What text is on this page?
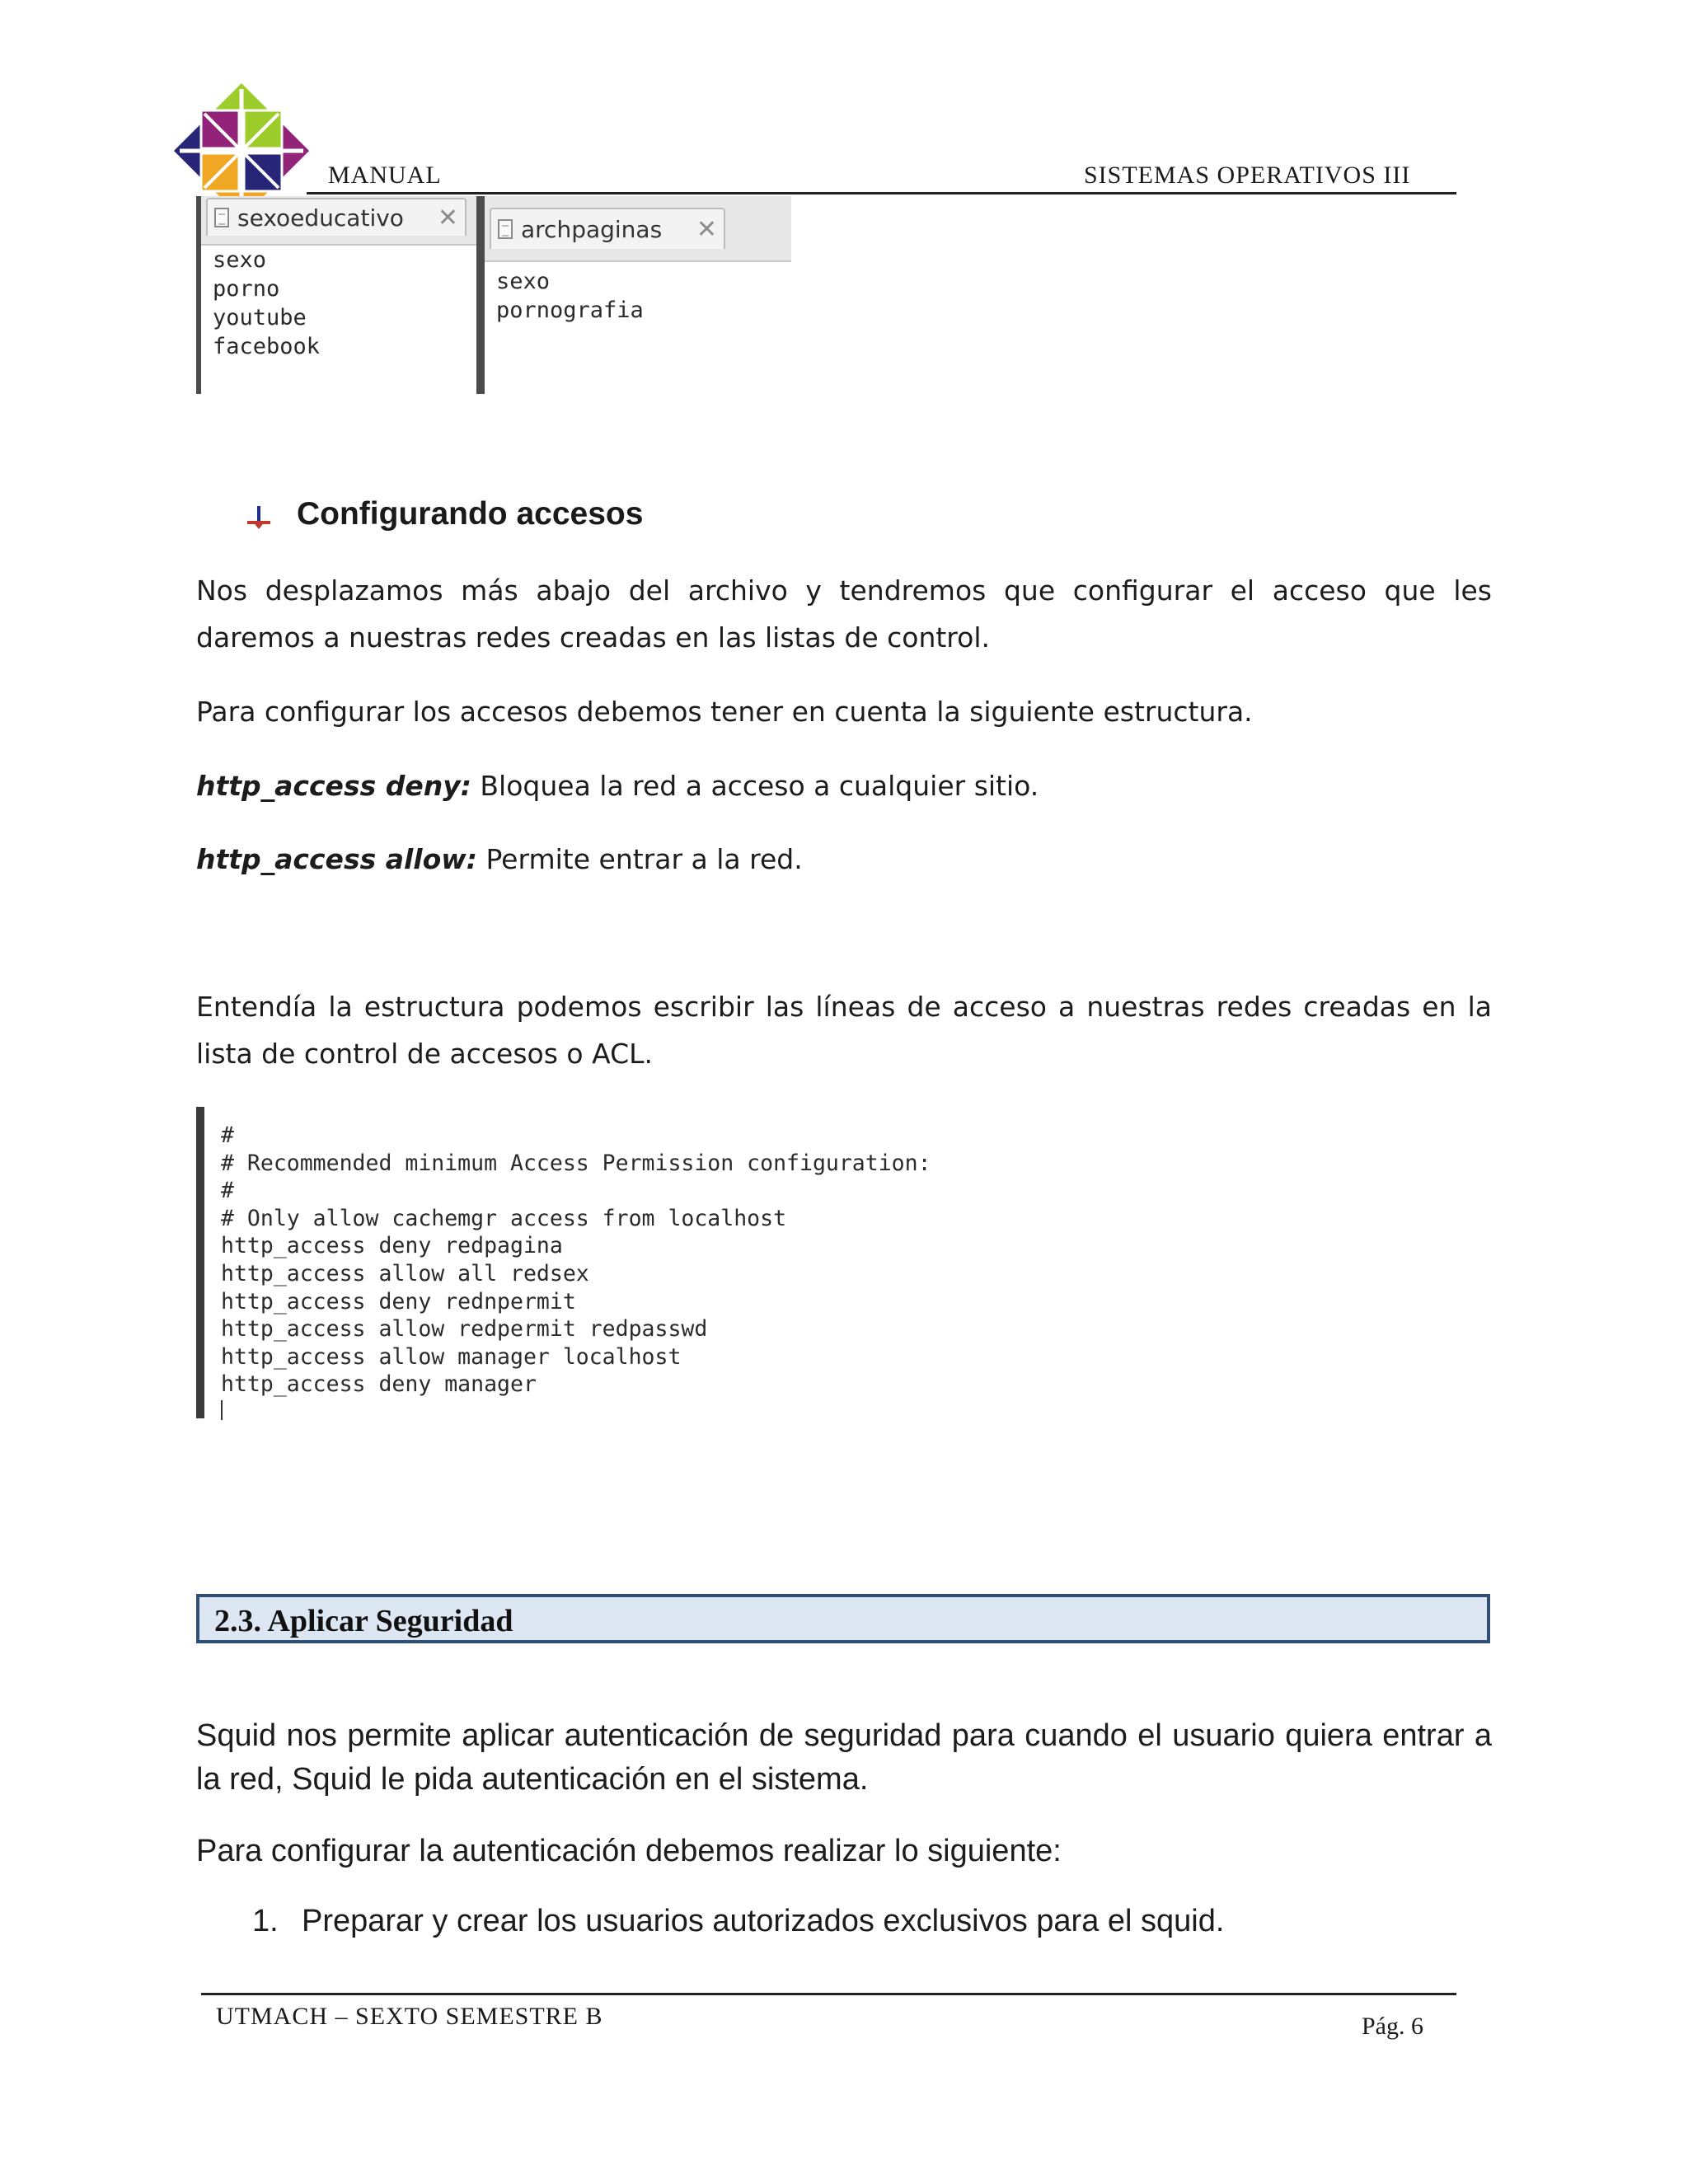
MANUAL	SISTEMAS OPERATIVOS III
sexoeducativo	✕
sexo
porno
youtube
facebook
archpaginas	✕
sexo
pornografia
Configurando accesos
Nos desplazamos más abajo del archivo y tendremos que configurar el acceso que les daremos a nuestras redes creadas en las listas de control.
Para configurar los accesos debemos tener en cuenta la siguiente estructura.
http_access deny: Bloquea la red a acceso a cualquier sitio.
http_access allow: Permite entrar a la red.
Entendía la estructura podemos escribir las líneas de acceso a nuestras redes creadas en la lista de control de accesos o ACL.
#
# Recommended minimum Access Permission configuration:
#
# Only allow cachemgr access from localhost
http_access deny redpagina
http_access allow all redsex
http_access deny rednpermit
http_access allow redpermit redpasswd
http_access allow manager localhost
http_access deny manager
2.3. Aplicar Seguridad
Squid nos permite aplicar autenticación de seguridad para cuando el usuario quiera entrar a la red, Squid le pida autenticación en el sistema.
Para configurar la autenticación debemos realizar lo siguiente:
1. Preparar y crear los usuarios autorizados exclusivos para el squid.
UTMACH – SEXTO SEMESTRE B	Pág. 6
